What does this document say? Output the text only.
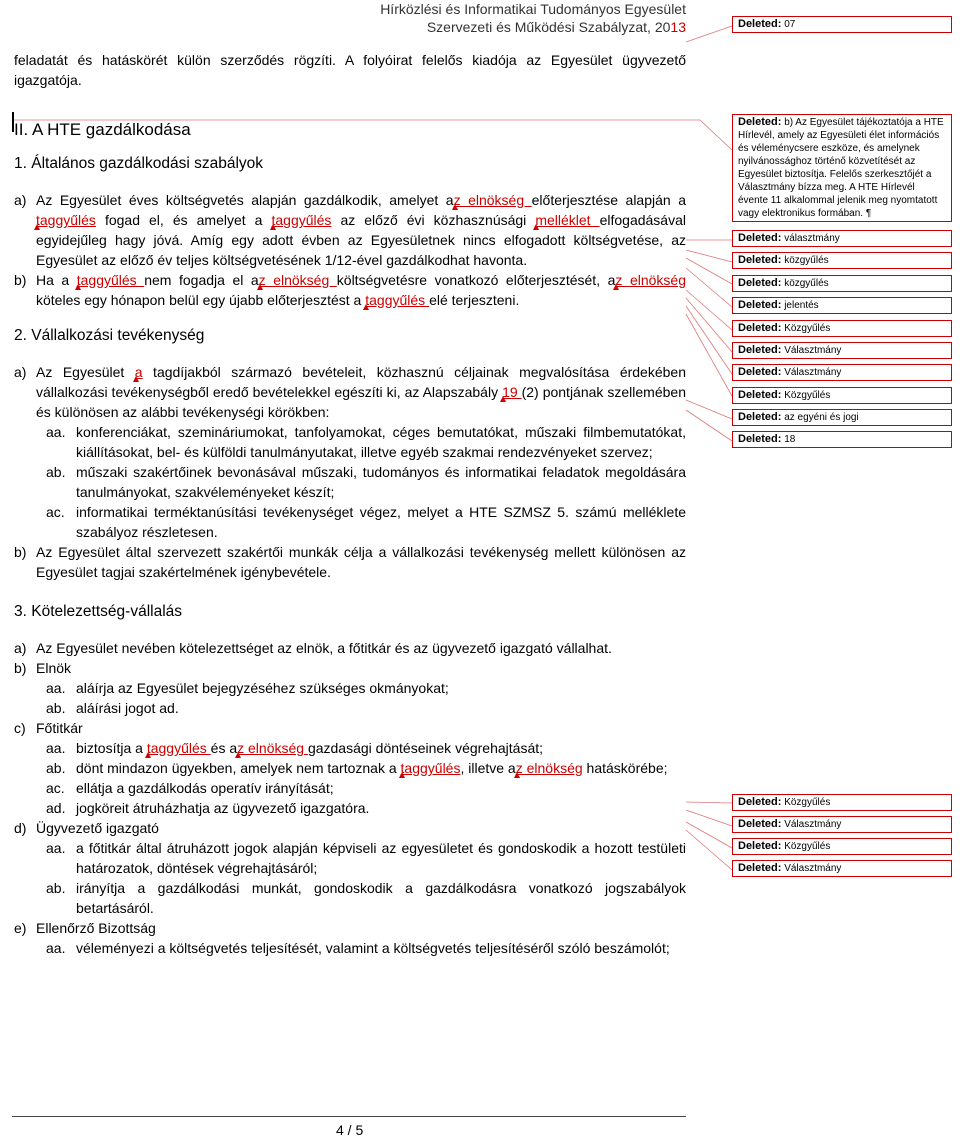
Hírközlési és Informatikai Tudományos Egyesület
Szervezeti és Működési Szabályzat, 2013

feladatát és hatáskörét külön szerződés rögzíti. A folyóirat felelős kiadója az Egyesület ügyvezető igazgatója.

II. A HTE gazdálkodása

1. Általános gazdálkodási szabályok

a) Az Egyesület éves költségvetés alapján gazdálkodik, amelyet az elnökség előterjesztése alapján a taggyűlés fogad el, és amelyet a taggyűlés az előző évi közhasznúsági melléklet elfogadásával egyidejűleg hagy jóvá. Amíg egy adott évben az Egyesületnek nincs elfogadott költségvetése, az Egyesület az előző év teljes költségvetésének 1/12-ével gazdálkodhat havonta.
b) Ha a taggyűlés nem fogadja el az elnökség költségvetésre vonatkozó előterjesztését, az elnökség köteles egy hónapon belül egy újabb előterjesztést a taggyűlés elé terjeszteni.

2. Vállalkozási tevékenység

a) Az Egyesület a tagdíjakból származó bevételeit, közhasznú céljainak megvalósítása érdekében vállalkozási tevékenységből eredő bevételekkel egészíti ki, az Alapszabály 19 (2) pontjának szellemében és különösen az alábbi tevékenységi körökben:
aa. konferenciákat, szemináriumokat, tanfolyamokat, céges bemutatókat, műszaki filmbemutatókat, kiállításokat, bel- és külföldi tanulmányutakat, illetve egyéb szakmai rendezvényeket szervez;
ab. műszaki szakértőinek bevonásával műszaki, tudományos és informatikai feladatok megoldására tanulmányokat, szakvéleményeket készít;
ac. informatikai terméktanúsítási tevékenységet végez, melyet a HTE SZMSZ 5. számú melléklete szabályoz részletesen.
b) Az Egyesület által szervezett szakértői munkák célja a vállalkozási tevékenység mellett különösen az Egyesület tagjai szakértelmének igénybevétele.

3. Kötelezettség-vállalás

a) Az Egyesület nevében kötelezettséget az elnök, a főtitkár és az ügyvezető igazgató vállalhat.
b) Elnök
aa. aláírja az Egyesület bejegyzéséhez szükséges okmányokat;
ab. aláírási jogot ad.
c) Főtitkár
aa. biztosítja a taggyűlés és az elnökség gazdasági döntéseinek végrehajtását;
ab. dönt mindazon ügyekben, amelyek nem tartoznak a taggyűlés, illetve az elnökség hatáskörébe;
ac. ellátja a gazdálkodás operatív irányítását;
ad. jogköreit átruházhatja az ügyvezető igazgatóra.
d) Ügyvezető igazgató
aa. a főtitkár által átruházott jogok alapján képviseli az egyesületet és gondoskodik a hozott testületi határozatok, döntések végrehajtásáról;
ab. irányítja a gazdálkodási munkát, gondoskodik a gazdálkodásra vonatkozó jogszabályok betartásáról.
e) Ellenőrző Bizottság
aa. véleményezi a költségvetés teljesítését, valamint a költségvetés teljesítéséről szóló beszámolót;
4 / 5
Deleted: 07
Deleted: b) Az Egyesület tájékoztatója a HTE Hírlevél, amely az Egyesületi élet információs és véleménycsere eszköze, és amelynek nyilvánossághoz történő közvetítését az Egyesület biztosítja. Felelős szerkesztőjét a Választmány bízza meg. A HTE Hírlevél évente 11 alkalommal jelenik meg nyomtatott vagy elektronikus formában. ¶
Deleted: választmány
Deleted: közgyűlés
Deleted: közgyűlés
Deleted: jelentés
Deleted: Közgyűlés
Deleted: Választmány
Deleted: Választmány
Deleted: Közgyűlés
Deleted: az egyéni és jogi
Deleted: 18
Deleted: Közgyűlés
Deleted: Választmány
Deleted: Közgyűlés
Deleted: Választmány
